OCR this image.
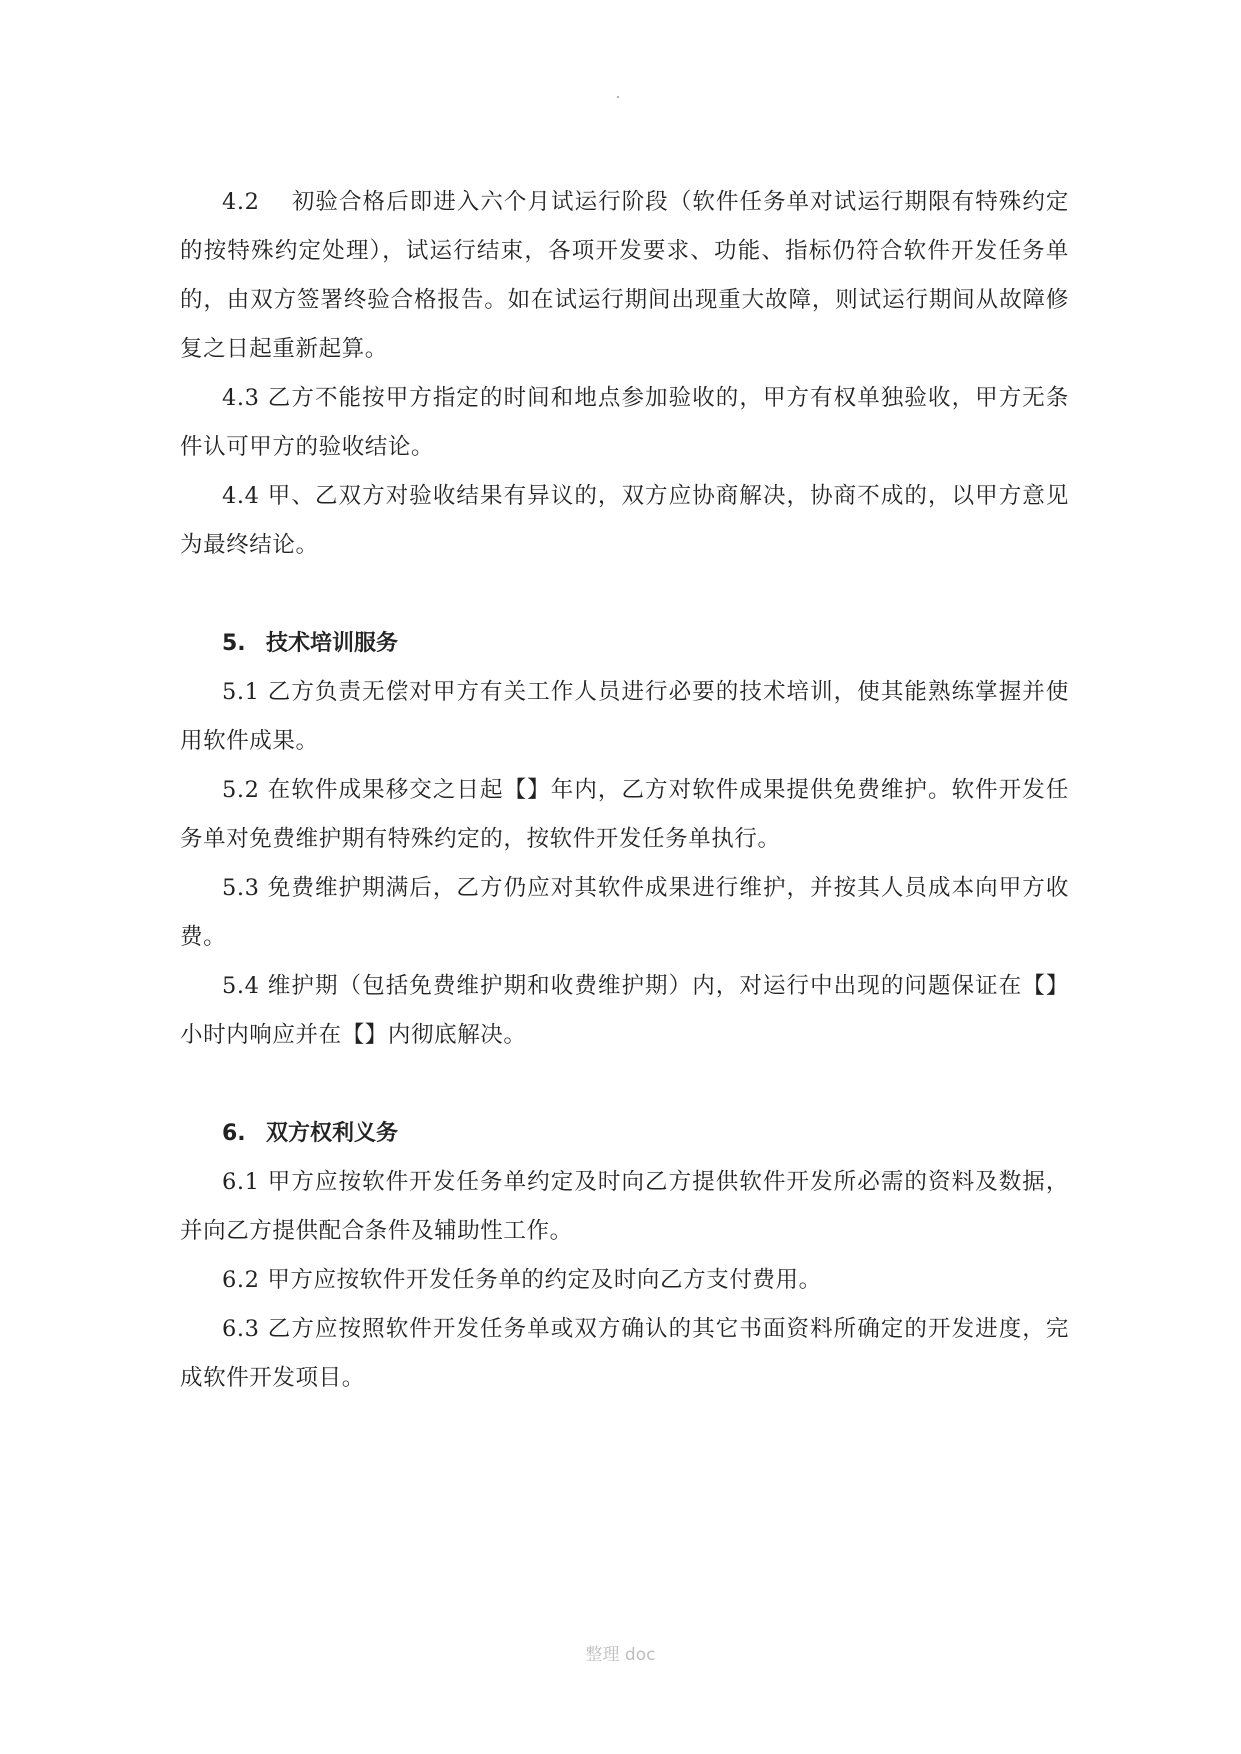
4.2　 初验合格后即进入六个月试运行阶段（软件任务单对试运行期限有特殊约定的按特殊约定处理），试运行结束，各项开发要求、功能、指标仍符合软件开发任务单的，由双方签署终验合格报告。如在试运行期间出现重大故障，则试运行期间从故障修复之日起重新起算。

4.3 乙方不能按甲方指定的时间和地点参加验收的，甲方有权单独验收，甲方无条件认可甲方的验收结论。

4.4 甲、乙双方对验收结果有异议的，双方应协商解决，协商不成的，以甲方意见为最终结论。

5. 技术培训服务

5.1 乙方负责无偿对甲方有关工作人员进行必要的技术培训，使其能熟练掌握并使用软件成果。

5.2 在软件成果移交之日起【】年内，乙方对软件成果提供免费维护。软件开发任务单对免费维护期有特殊约定的，按软件开发任务单执行。

5.3 免费维护期满后，乙方仍应对其软件成果进行维护，并按其人员成本向甲方收费。

5.4 维护期（包括免费维护期和收费维护期）内，对运行中出现的问题保证在【】小时内响应并在【】内彻底解决。

6. 双方权利义务

6.1 甲方应按软件开发任务单约定及时向乙方提供软件开发所必需的资料及数据，并向乙方提供配合条件及辅助性工作。

6.2 甲方应按软件开发任务单的约定及时向乙方支付费用。

6.3 乙方应按照软件开发任务单或双方确认的其它书面资料所确定的开发进度，完成软件开发项目。

整理 doc
